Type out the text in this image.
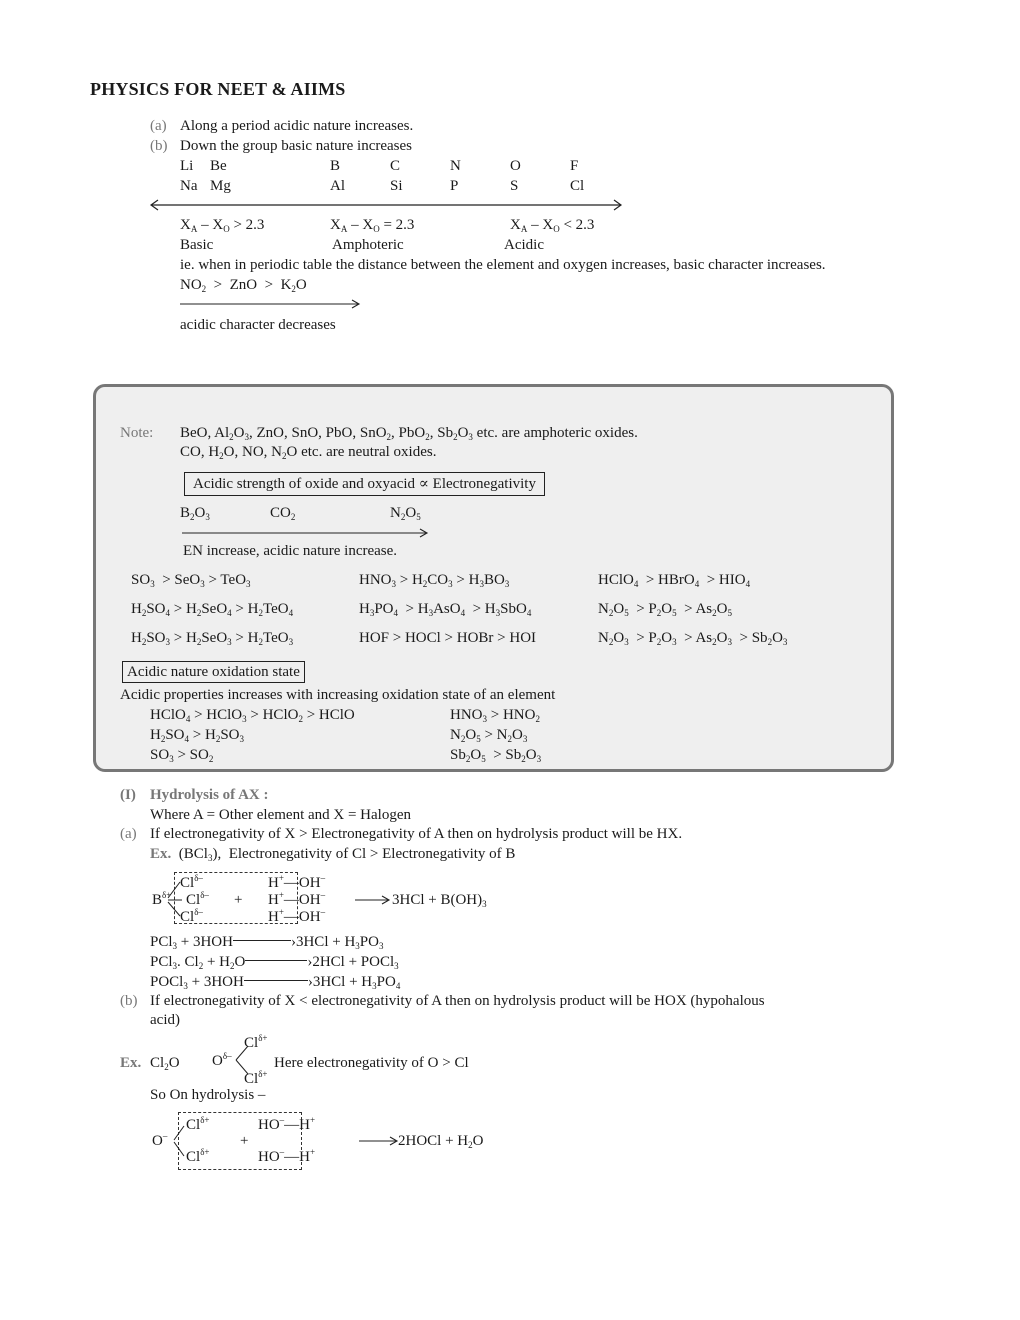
PHYSICS FOR NEET & AIIMS
(a) Along a period acidic nature increases.
(b) Down the group basic nature increases
Li Be	B	C	N	O	F
Na Mg	Al	Si	P	S	Cl
$X_A - X_O > 2.3$	$X_A - X_O = 2.3$	$X_A - X_O < 2.3$
Basic	Amphoteric	Acidic
ie. when in periodic table the distance between the element and oxygen increases, basic character increases.
$NO_2$  >  ZnO  >  $K_2O$
acidic character decreases
Note: BeO, $Al_2O_3$, ZnO, SnO, PbO, SnO$_2$, PbO$_2$, $Sb_2O_3$ etc. are amphoteric oxides.
CO, $H_2O$, NO, $N_2O$ etc. are neutral oxides.
Acidic strength of oxide and oxyacid ∝ Electronegativity
$B_2O_3$	$CO_2$	$N_2O_5$
EN increase, acidic nature increase.
$SO_3 > SeO_3 > TeO_3$	$HNO_3 > H_2CO_3 > H_3BO_3$	HClO$_4$  > HBrO$_4$  > $HIO_4$
$H_2SO_4 > H_2SeO_4 > H_2TeO_4$	$H_3PO_4 > H_3AsO_4 > H_3SbO_4$	$N_2O_5 > P_2O_5 > As_2O_5$
$H_2SO_3 > H_2SeO_3 > H_2TeO_3$	HOF > HOCl > HOBr > HOI	$N_2O_3 > P_2O_3 > As_2O_3 > Sb_2O_3$
Acidic nature oxidation state
Acidic properties increases with increasing oxidation state of an element
HClO$_4$ > HClO$_3$ > HClO$_2$ > HClO	$HNO_3 > HNO_2$
$H_2SO_4 > H_2SO_3$	$N_2O_5 > N_2O_3$
$SO_3 > SO_2$	$Sb_2O_5 > Sb_2O_3$
(I) Hydrolysis of AX :
Where A = Other element and X = Halogen
(a) If electronegativity of X > Electronegativity of A then on hydrolysis product will be HX.
Ex.  (BCl$_3$),  Electronegativity of Cl > Electronegativity of B
$B^{\delta+}$
$Cl^{\delta-}$
$Cl^{\delta-}$
$Cl^{\delta-}$
+
H+—OH–
H+—OH–
H+—OH–
→ $3HCl + B(OH)_3$
PCl$_3$ + 3HOH	›3HCl + $H_3PO_3$
PCl$_3$. $Cl_2 + H_2O$	›2HCl + POCl$_3$
POCl$_3$ + 3HOH	›3HCl + $H_3PO_4$
(b) If electronegativity of X < electronegativity of A then on hydrolysis product will be HOX (hypohalous
acid)
Ex. $Cl_2O$ $O^{\delta-}$
$Cl^{\delta+}$
$Cl^{\delta+}$
Here electronegativity of O > Cl
So On hydrolysis –
O–
$Cl^{\delta+}$
$Cl^{\delta+}$
+
HO–—H+
HO–—H+
→ 2HOCl + $H_2O$
